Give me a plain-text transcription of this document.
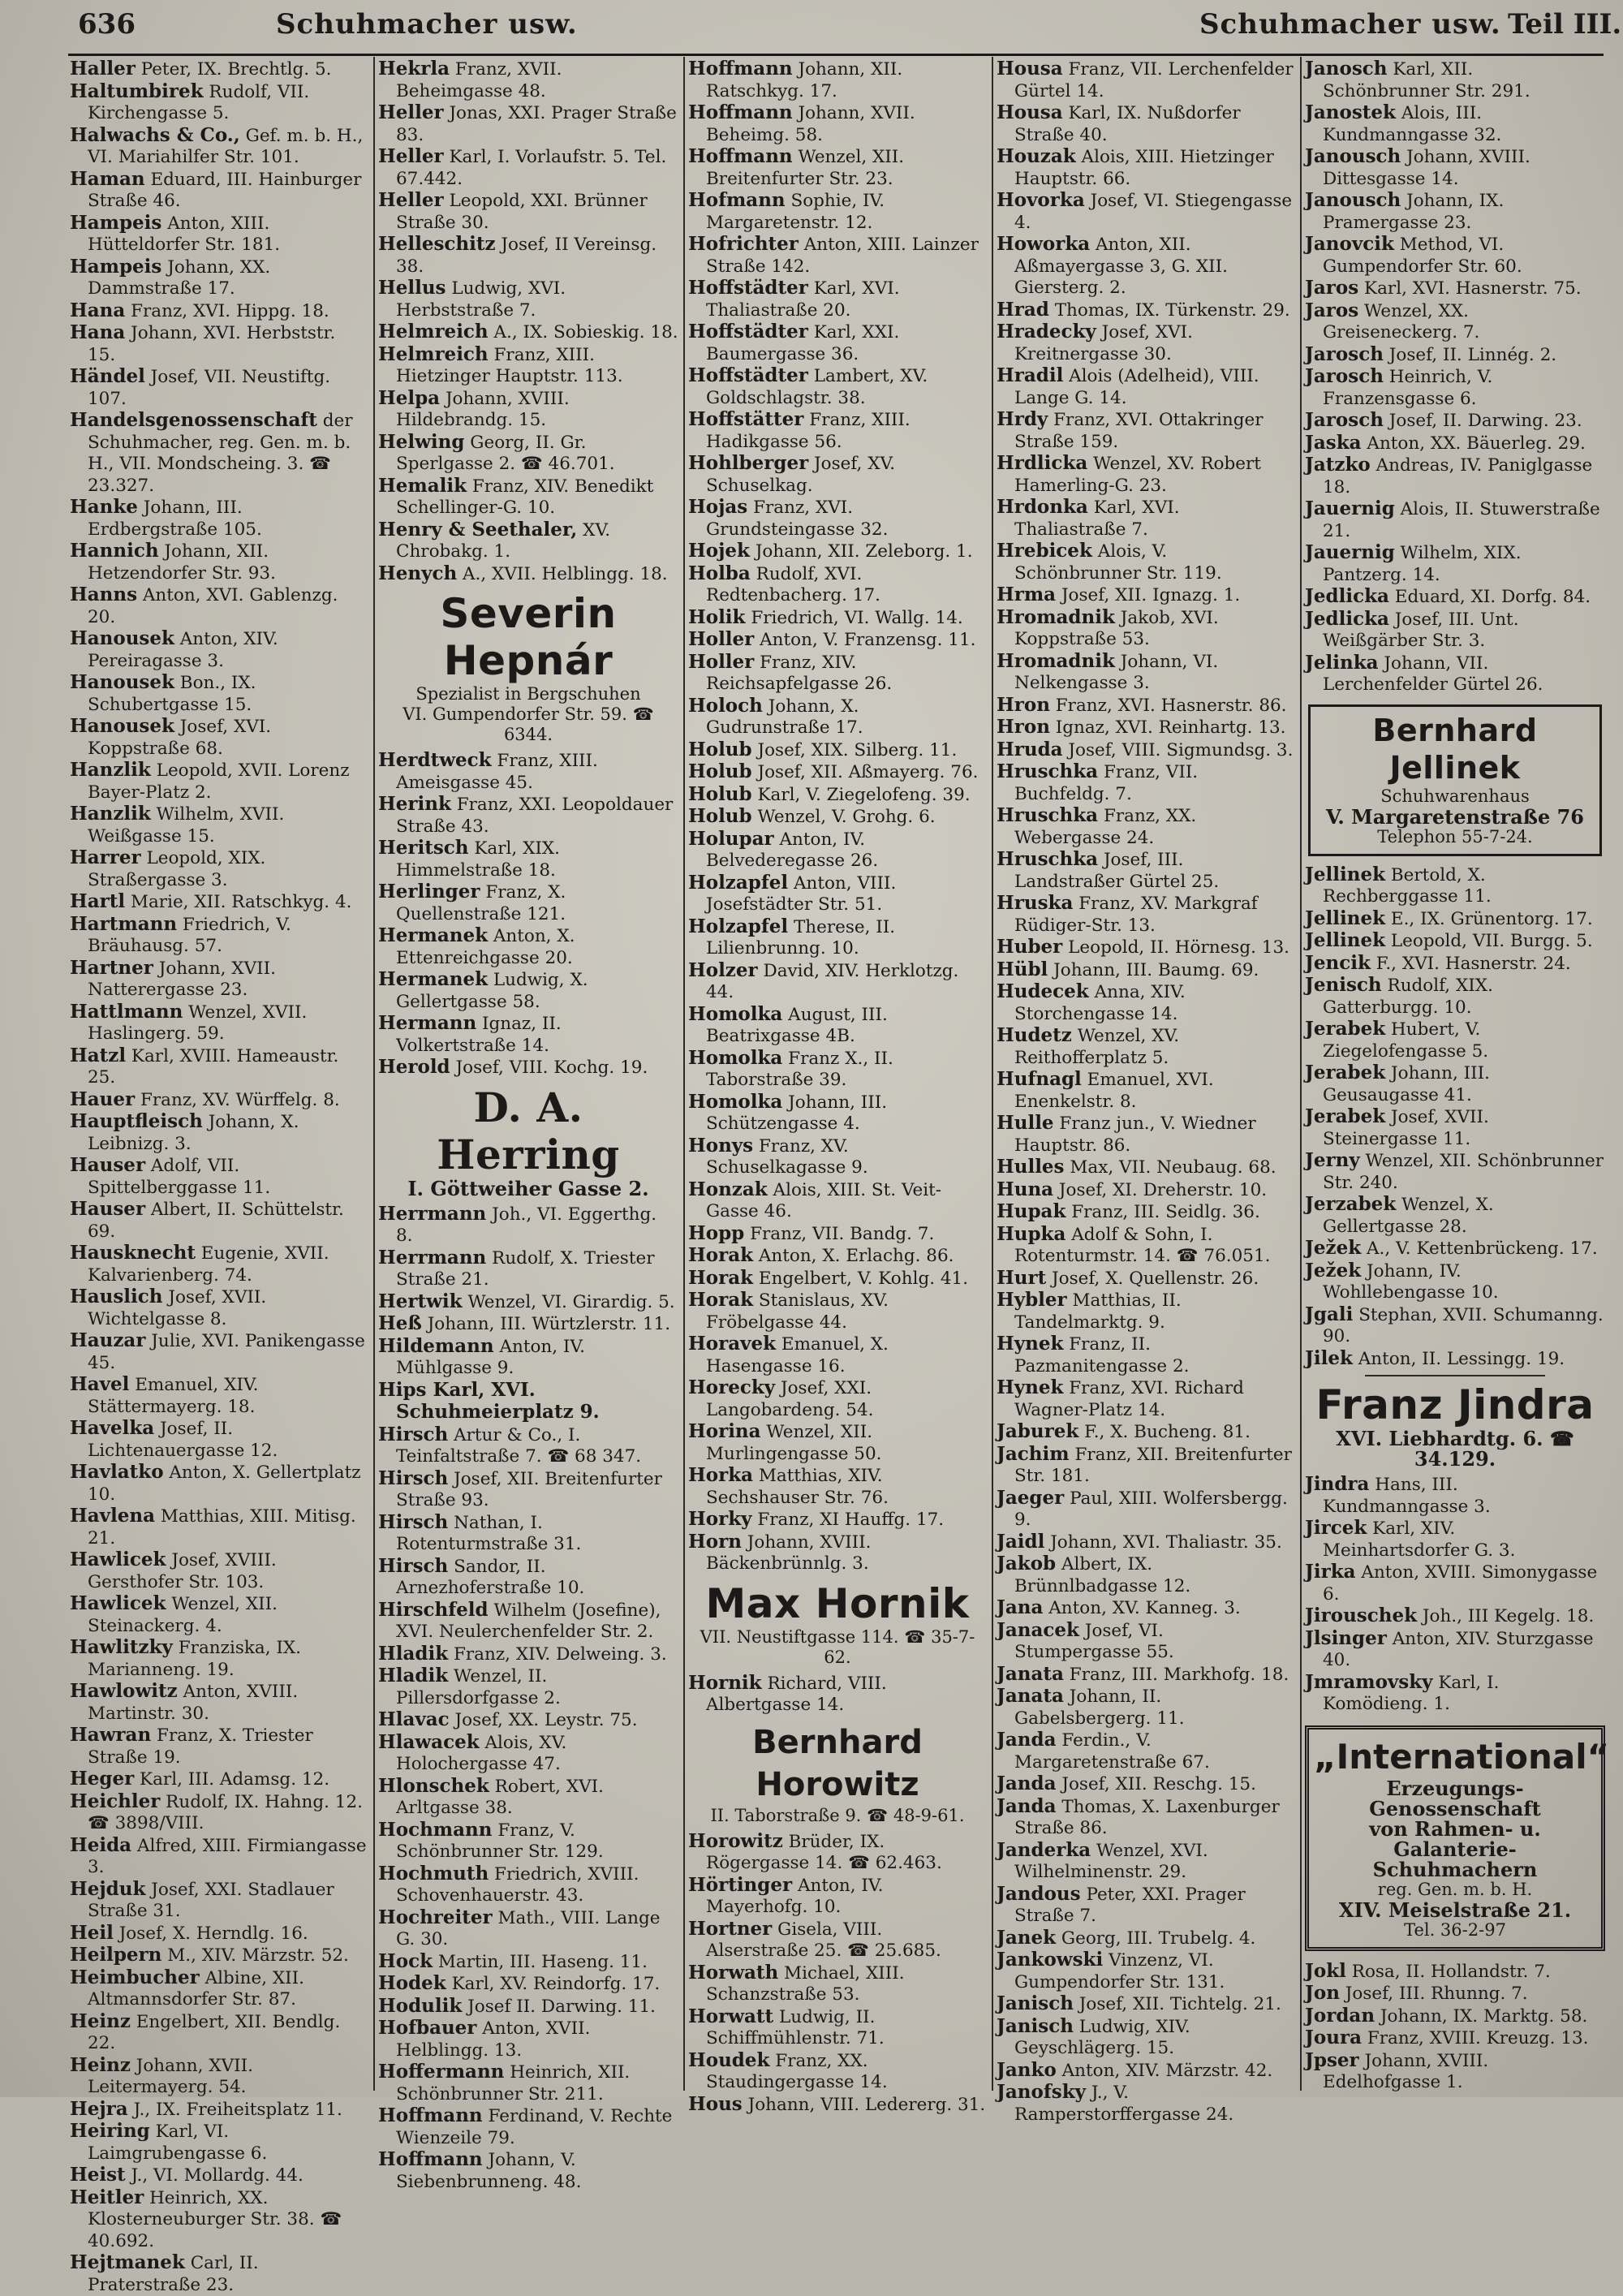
636	Schuhmacher usw.	Schuhmacher usw. Teil III.
Haller Peter, IX. Brechtlg. 5.
Haltumbirek Rudolf, VII. Kirchengasse 5.
Halwachs & Co., Gef. m. b. H., VI. Mariahilfer Str. 101.
Haman Eduard, III. Hainburger Straße 46.
Hampeis Anton, XIII. Hütteldorfer Str. 181.
Hampeis Johann, XX. Dammstraße 17.
Hana Franz, XVI. Hippg. 18.
Hana Johann, XVI. Herbststr. 15.
Händel Josef, VII. Neustiftg. 107.
Handelsgenossenschaft der Schuhmacher, reg. Gen. m. b. H., VII. Mondscheing. 3. ☎ 23.327.
Hanke Johann, III. Erdbergstraße 105.
Hannich Johann, XII. Hetzendorfer Str. 93.
Hanns Anton, XVI. Gablenzg. 20.
Hanousek Anton, XIV. Pereiragasse 3.
Hanousek Bon., IX. Schubertgasse 15.
Hanousek Josef, XVI. Koppstraße 68.
Hanzlik Leopold, XVII. Lorenz Bayer-Platz 2.
Hanzlik Wilhelm, XVII. Weißgasse 15.
Harrer Leopold, XIX. Straßergasse 3.
Hartl Marie, XII. Ratschkyg. 4.
Hartmann Friedrich, V. Bräuhausg. 57.
Hartner Johann, XVII. Natterergasse 23.
Hattlmann Wenzel, XVII. Haslingerg. 59.
Hatzl Karl, XVIII. Hameaustr. 25.
Hauer Franz, XV. Würffelg. 8.
Hauptfleisch Johann, X. Leibnizg. 3.
Hauser Adolf, VII. Spittelberggasse 11.
Hauser Albert, II. Schüttelstr. 69.
Hausknecht Eugenie, XVII. Kalvarienberg. 74.
Hauslich Josef, XVII. Wichtelgasse 8.
Hauzar Julie, XVI. Panikengasse 45.
Havel Emanuel, XIV. Stättermayerg. 18.
Havelka Josef, II. Lichtenauergasse 12.
Havlatko Anton, X. Gellertplatz 10.
Havlena Matthias, XIII. Mitisg. 21.
Hawlicek Josef, XVIII. Gersthofer Str. 103.
Hawlicek Wenzel, XII. Steinackerg. 4.
Hawlitzky Franziska, IX. Marianneng. 19.
Hawlowitz Anton, XVIII. Martinstr. 30.
Hawran Franz, X. Triester Straße 19.
Heger Karl, III. Adamsg. 12.
Heichler Rudolf, IX. Hahng. 12. ☎ 3898/VIII.
Heida Alfred, XIII. Firmiangasse 3.
Hejduk Josef, XXI. Stadlauer Straße 31.
Heil Josef, X. Herndlg. 16.
Heilpern M., XIV. Märzstr. 52.
Heimbucher Albine, XII. Altmannsdorfer Str. 87.
Heinz Engelbert, XII. Bendlg. 22.
Heinz Johann, XVII. Leitermayerg. 54.
Hejra J., IX. Freiheitsplatz 11.
Heiring Karl, VI. Laimgrubengasse 6.
Heist J., VI. Mollardg. 44.
Heitler Heinrich, XX. Klosterneuburger Str. 38. ☎ 40.692.
Hejtmanek Carl, II. Praterstraße 23.
Hekrla Franz, XVII. Beheimgasse 48.
Heller Jonas, XXI. Prager Straße 83.
Heller Karl, I. Vorlaufstr. 5. Tel. 67.442.
Heller Leopold, XXI. Brünner Straße 30.
Helleschitz Josef, II Vereinsg. 38.
Hellus Ludwig, XVI. Herbststraße 7.
Helmreich A., IX. Sobieskig. 18.
Helmreich Franz, XIII. Hietzinger Hauptstr. 113.
Helpa Johann, XVIII. Hildebrandg. 15.
Helwing Georg, II. Gr. Sperlgasse 2. ☎ 46.701.
Hemalik Franz, XIV. Benedikt Schellinger-G. 10.
Henry & Seethaler, XV. Chrobakg. 1.
Henych A., XVII. Helblingg. 18.
Severin Hepnár
Spezialist in Bergschuhen
VI. Gumpendorfer Str. 59. ☎ 6344.
Herdtweck Franz, XIII. Ameisgasse 45.
Herink Franz, XXI. Leopoldauer Straße 43.
Heritsch Karl, XIX. Himmelstraße 18.
Herlinger Franz, X. Quellenstraße 121.
Hermanek Anton, X. Ettenreichgasse 20.
Hermanek Ludwig, X. Gellertgasse 58.
Hermann Ignaz, II. Volkertstraße 14.
Herold Josef, VIII. Kochg. 19.
D. A. Herring
I. Göttweiher Gasse 2.
Herrmann Joh., VI. Eggerthg. 8.
Herrmann Rudolf, X. Triester Straße 21.
Hertwik Wenzel, VI. Girardig. 5.
Heß Johann, III. Würtzlerstr. 11.
Hildemann Anton, IV. Mühlgasse 9.
Hips Karl, XVI. Schuhmeierplatz 9.
Hirsch Artur & Co., I. Teinfaltstraße 7. ☎ 68 347.
Hirsch Josef, XII. Breitenfurter Straße 93.
Hirsch Nathan, I. Rotenturmstraße 31.
Hirsch Sandor, II. Arnezhoferstraße 10.
Hirschfeld Wilhelm (Josefine), XVI. Neulerchenfelder Str. 2.
Hladik Franz, XIV. Delweing. 3.
Hladik Wenzel, II. Pillersdorfgasse 2.
Hlavac Josef, XX. Leystr. 75.
Hlawacek Alois, XV. Holochergasse 47.
Hlonschek Robert, XVI. Arltgasse 38.
Hochmann Franz, V. Schönbrunner Str. 129.
Hochmuth Friedrich, XVIII. Schovenhauerstr. 43.
Hochreiter Math., VIII. Lange G. 30.
Hock Martin, III. Haseng. 11.
Hodek Karl, XV. Reindorfg. 17.
Hodulik Josef II. Darwing. 11.
Hofbauer Anton, XVII. Helblingg. 13.
Hoffermann Heinrich, XII. Schönbrunner Str. 211.
Hoffmann Ferdinand, V. Rechte Wienzeile 79.
Hoffmann Johann, V. Siebenbrunneng. 48.
Hoffmann Johann, XII. Ratschkyg. 17.
Hoffmann Johann, XVII. Beheimg. 58.
Hoffmann Wenzel, XII. Breitenfurter Str. 23.
Hofmann Sophie, IV. Margaretenstr. 12.
Hofrichter Anton, XIII. Lainzer Straße 142.
Hoffstädter Karl, XVI. Thaliastraße 20.
Hoffstädter Karl, XXI. Baumergasse 36.
Hoffstädter Lambert, XV. Goldschlagstr. 38.
Hoffstätter Franz, XIII. Hadikgasse 56.
Hohlberger Josef, XV. Schuselkag.
Hojas Franz, XVI. Grundsteingasse 32.
Hojek Johann, XII. Zeleborg. 1.
Holba Rudolf, XVI. Redtenbacherg. 17.
Holik Friedrich, VI. Wallg. 14.
Holler Anton, V. Franzensg. 11.
Holler Franz, XIV. Reichsapfelgasse 26.
Holoch Johann, X. Gudrunstraße 17.
Holub Josef, XIX. Silberg. 11.
Holub Josef, XII. Aßmayerg. 76.
Holub Karl, V. Ziegelofeng. 39.
Holub Wenzel, V. Grohg. 6.
Holupar Anton, IV. Belvederegasse 26.
Holzapfel Anton, VIII. Josefstädter Str. 51.
Holzapfel Therese, II. Lilienbrunng. 10.
Holzer David, XIV. Herklotzg. 44.
Homolka August, III. Beatrixgasse 4B.
Homolka Franz X., II. Taborstraße 39.
Homolka Johann, III. Schützengasse 4.
Honys Franz, XV. Schuselkagasse 9.
Honzak Alois, XIII. St. Veit-Gasse 46.
Hopp Franz, VII. Bandg. 7.
Horak Anton, X. Erlachg. 86.
Horak Engelbert, V. Kohlg. 41.
Horak Stanislaus, XV. Fröbelgasse 44.
Horavek Emanuel, X. Hasengasse 16.
Horecky Josef, XXI. Langobardeng. 54.
Horina Wenzel, XII. Murlingengasse 50.
Horka Matthias, XIV. Sechshauser Str. 76.
Horky Franz, XI Hauffg. 17.
Horn Johann, XVIII. Bäckenbrünnlg. 3.
Max Hornik
VII. Neustiftgasse 114. ☎ 35-7-62.
Hornik Richard, VIII. Albertgasse 14.
Bernhard Horowitz
II. Taborstraße 9. ☎ 48-9-61.
Horowitz Brüder, IX. Rögergasse 14. ☎ 62.463.
Hörtinger Anton, IV. Mayerhofg. 10.
Hortner Gisela, VIII. Alserstraße 25. ☎ 25.685.
Horwath Michael, XIII. Schanzstraße 53.
Horwatt Ludwig, II. Schiffmühlenstr. 71.
Houdek Franz, XX. Staudingergasse 14.
Hous Johann, VIII. Ledererg. 31.
Housa Franz, VII. Lerchenfelder Gürtel 14.
Housa Karl, IX. Nußdorfer Straße 40.
Houzak Alois, XIII. Hietzinger Hauptstr. 66.
Hovorka Josef, VI. Stiegengasse 4.
Howorka Anton, XII. Aßmayergasse 3, G. XII. Giersterg. 2.
Hrad Thomas, IX. Türkenstr. 29.
Hradecky Josef, XVI. Kreitnergasse 30.
Hradil Alois (Adelheid), VIII. Lange G. 14.
Hrdy Franz, XVI. Ottakringer Straße 159.
Hrdlicka Wenzel, XV. Robert Hamerling-G. 23.
Hrdonka Karl, XVI. Thaliastraße 7.
Hrebicek Alois, V. Schönbrunner Str. 119.
Hrma Josef, XII. Ignazg. 1.
Hromadnik Jakob, XVI. Koppstraße 53.
Hromadnik Johann, VI. Nelkengasse 3.
Hron Franz, XVI. Hasnerstr. 86.
Hron Ignaz, XVI. Reinhartg. 13.
Hruda Josef, VIII. Sigmundsg. 3.
Hruschka Franz, VII. Buchfeldg. 7.
Hruschka Franz, XX. Webergasse 24.
Hruschka Josef, III. Landstraßer Gürtel 25.
Hruska Franz, XV. Markgraf Rüdiger-Str. 13.
Huber Leopold, II. Hörnesg. 13.
Hübl Johann, III. Baumg. 69.
Hudecek Anna, XIV. Storchengasse 14.
Hudetz Wenzel, XV. Reithofferplatz 5.
Hufnagl Emanuel, XVI. Enenkelstr. 8.
Hulle Franz jun., V. Wiedner Hauptstr. 86.
Hulles Max, VII. Neubaug. 68.
Huna Josef, XI. Dreherstr. 10.
Hupak Franz, III. Seidlg. 36.
Hupka Adolf & Sohn, I. Rotenturmstr. 14. ☎ 76.051.
Hurt Josef, X. Quellenstr. 26.
Hybler Matthias, II. Tandelmarktg. 9.
Hynek Franz, II. Pazmanitengasse 2.
Hynek Franz, XVI. Richard Wagner-Platz 14.
Jaburek F., X. Bucheng. 81.
Jachim Franz, XII. Breitenfurter Str. 181.
Jaeger Paul, XIII. Wolfersbergg. 9.
Jaidl Johann, XVI. Thaliastr. 35.
Jakob Albert, IX. Brünnlbadgasse 12.
Jana Anton, XV. Kanneg. 3.
Janacek Josef, VI. Stumpergasse 55.
Janata Franz, III. Markhofg. 18.
Janata Johann, II. Gabelsbergerg. 11.
Janda Ferdin., V. Margaretenstraße 67.
Janda Josef, XII. Reschg. 15.
Janda Thomas, X. Laxenburger Straße 86.
Janderka Wenzel, XVI. Wilhelminenstr. 29.
Jandous Peter, XXI. Prager Straße 7.
Janek Georg, III. Trubelg. 4.
Jankowski Vinzenz, VI. Gumpendorfer Str. 131.
Janisch Josef, XII. Tichtelg. 21.
Janisch Ludwig, XIV. Geyschlägerg. 15.
Janko Anton, XIV. Märzstr. 42.
Janofsky J., V. Ramperstorffergasse 24.
Janosch Karl, XII. Schönbrunner Str. 291.
Janostek Alois, III. Kundmanngasse 32.
Janousch Johann, XVIII. Dittesgasse 14.
Janousch Johann, IX. Pramergasse 23.
Janovcik Method, VI. Gumpendorfer Str. 60.
Jaros Karl, XVI. Hasnerstr. 75.
Jaros Wenzel, XX. Greiseneckerg. 7.
Jarosch Josef, II. Linnég. 2.
Jarosch Heinrich, V. Franzensgasse 6.
Jarosch Josef, II. Darwing. 23.
Jaska Anton, XX. Bäuerleg. 29.
Jatzko Andreas, IV. Paniglgasse 18.
Jauernig Alois, II. Stuwerstraße 21.
Jauernig Wilhelm, XIX. Pantzerg. 14.
Jedlicka Eduard, XI. Dorfg. 84.
Jedlicka Josef, III. Unt. Weißgärber Str. 3.
Jelinka Johann, VII. Lerchenfelder Gürtel 26.
Bernhard Jellinek
Schuhwarenhaus
V. Margaretenstraße 76
Telephon 55-7-24.
Jellinek Bertold, X. Rechberggasse 11.
Jellinek E., IX. Grünentorg. 17.
Jellinek Leopold, VII. Burgg. 5.
Jencik F., XVI. Hasnerstr. 24.
Jenisch Rudolf, XIX. Gatterburgg. 10.
Jerabek Hubert, V. Ziegelofengasse 5.
Jerabek Johann, III. Geusaugasse 41.
Jerabek Josef, XVII. Steinergasse 11.
Jerny Wenzel, XII. Schönbrunner Str. 240.
Jerzabek Wenzel, X. Gellertgasse 28.
Ježek A., V. Kettenbrückeng. 17.
Ježek Johann, IV. Wohllebengasse 10.
Jgali Stephan, XVII. Schumanng. 90.
Jilek Anton, II. Lessingg. 19.
Franz Jindra
XVI. Liebhardtg. 6. ☎ 34.129.
Jindra Hans, III. Kundmanngasse 3.
Jircek Karl, XIV. Meinhartsdorfer G. 3.
Jirka Anton, XVIII. Simonygasse 6.
Jirouschek Joh., III Kegelg. 18.
Jlsinger Anton, XIV. Sturzgasse 40.
Jmramovsky Karl, I. Komödieng. 1.
„International“
Erzeugungs-Genossenschaft
von Rahmen- u. Galanterie-
Schuhmachern
reg. Gen. m. b. H.
XIV. Meiselstraße 21.
Tel. 36-2-97
Jokl Rosa, II. Hollandstr. 7.
Jon Josef, III. Rhunng. 7.
Jordan Johann, IX. Marktg. 58.
Joura Franz, XVIII. Kreuzg. 13.
Jpser Johann, XVIII. Edelhofgasse 1.
